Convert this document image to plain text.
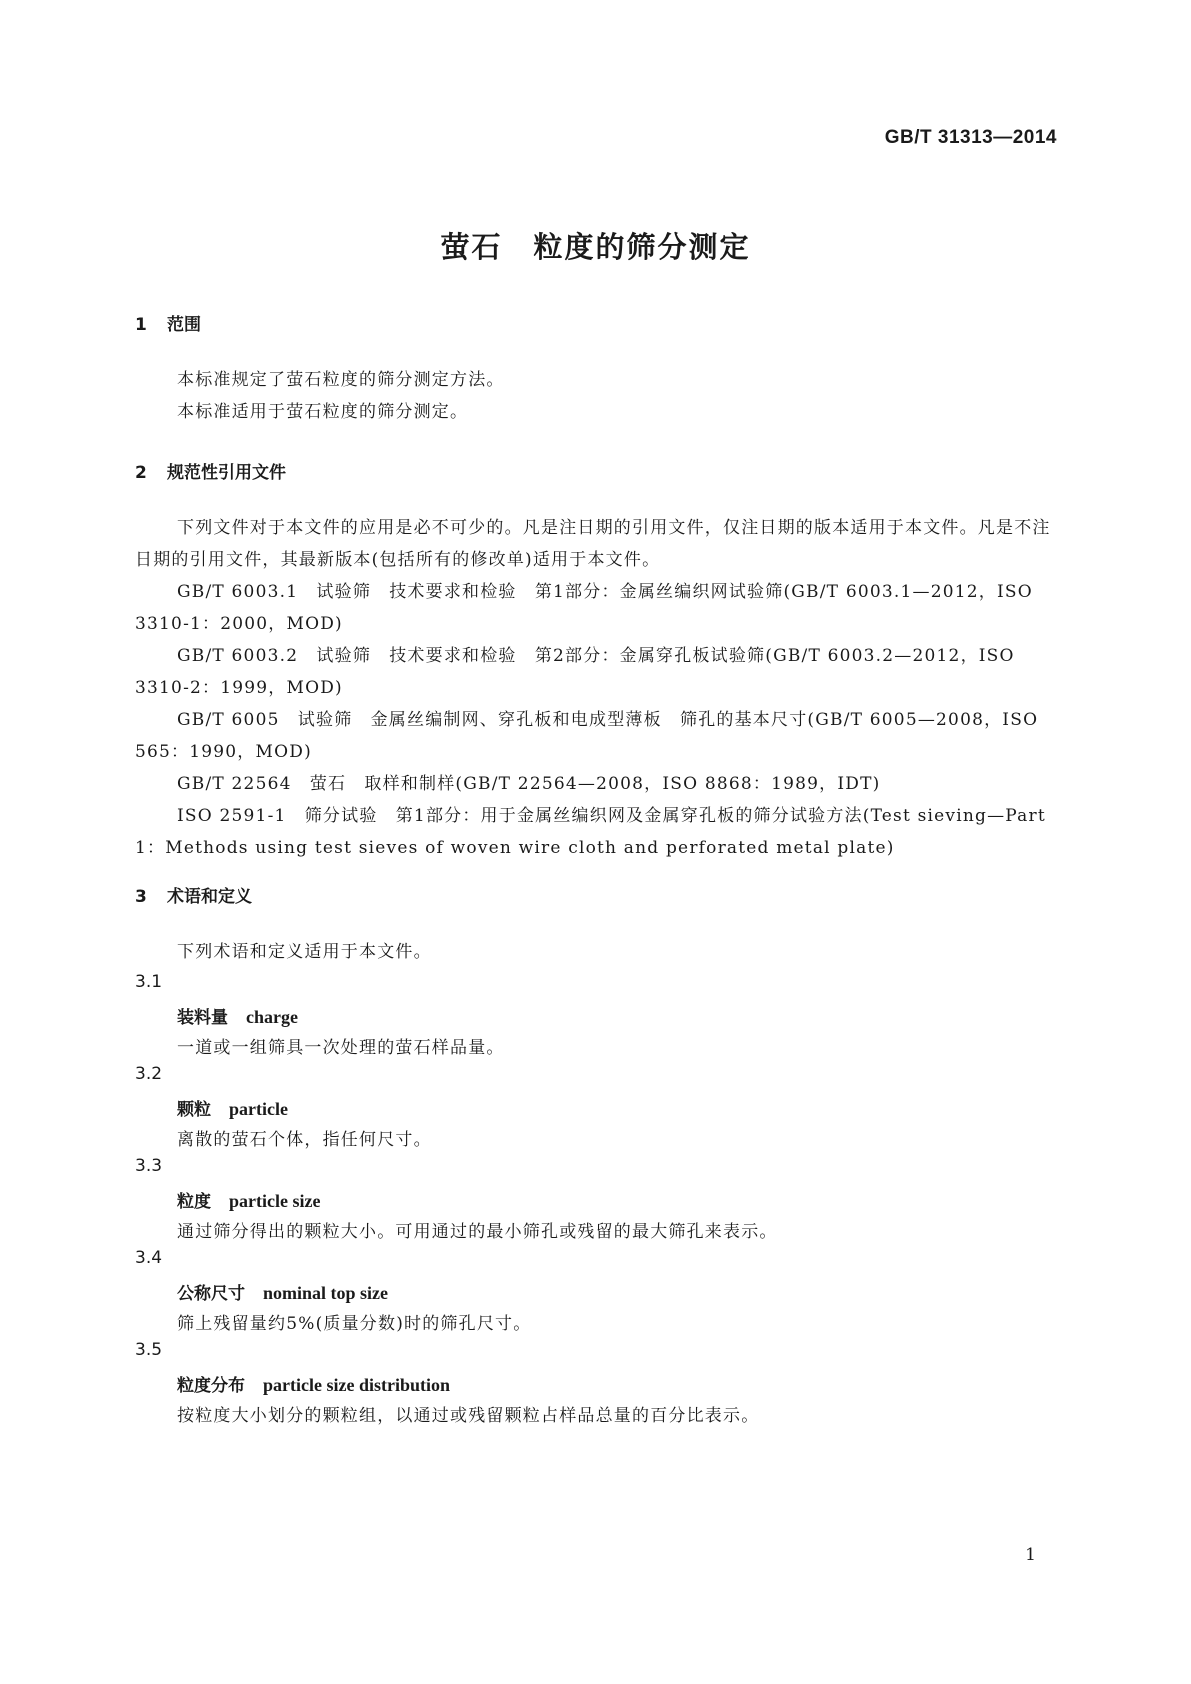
GB/T 31313—2014
萤石　粒度的筛分测定
1 范围

本标准规定了萤石粒度的筛分测定方法。

本标准适用于萤石粒度的筛分测定。

2 规范性引用文件

下列文件对于本文件的应用是必不可少的。凡是注日期的引用文件，仅注日期的版本适用于本文件。凡是不注日期的引用文件，其最新版本(包括所有的修改单)适用于本文件。

GB/T 6003.1　试验筛　技术要求和检验　第1部分：金属丝编织网试验筛(GB/T 6003.1—2012，ISO 3310-1：2000，MOD)

GB/T 6003.2　试验筛　技术要求和检验　第2部分：金属穿孔板试验筛(GB/T 6003.2—2012，ISO 3310-2：1999，MOD)

GB/T 6005　试验筛　金属丝编制网、穿孔板和电成型薄板　筛孔的基本尺寸(GB/T 6005—2008，ISO 565：1990，MOD)

GB/T 22564　萤石　取样和制样(GB/T 22564—2008，ISO 8868：1989，IDT)

ISO 2591-1　筛分试验　第1部分：用于金属丝编织网及金属穿孔板的筛分试验方法(Test sieving—Part 1：Methods using test sieves of woven wire cloth and perforated metal plate)

3 术语和定义

下列术语和定义适用于本文件。

3.1
装料量 charge
一道或一组筛具一次处理的萤石样品量。
3.2
颗粒 particle
离散的萤石个体，指任何尺寸。
3.3
粒度 particle size
通过筛分得出的颗粒大小。可用通过的最小筛孔或残留的最大筛孔来表示。
3.4
公称尺寸 nominal top size
筛上残留量约5%(质量分数)时的筛孔尺寸。
3.5
粒度分布 particle size distribution
按粒度大小划分的颗粒组，以通过或残留颗粒占样品总量的百分比表示。
1
